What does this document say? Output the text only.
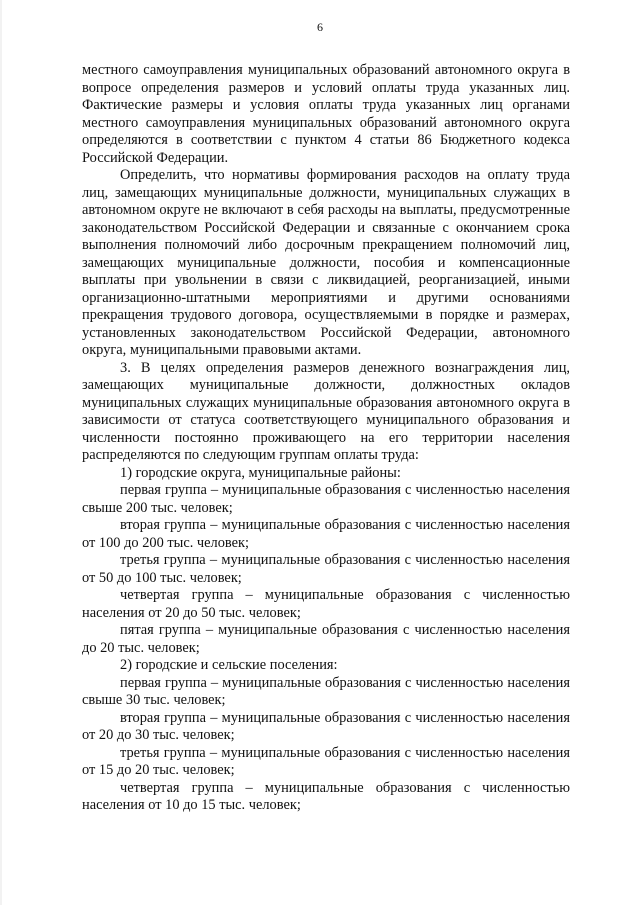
6

местного самоуправления муниципальных образований автономного округа в вопросе определения размеров и условий оплаты труда указанных лиц. Фактические размеры и условия оплаты труда указанных лиц органами местного самоуправления муниципальных образований автономного округа определяются в соответствии с пунктом 4 статьи 86 Бюджетного кодекса Российской Федерации.

Определить, что нормативы формирования расходов на оплату труда лиц, замещающих муниципальные должности, муниципальных служащих в автономном округе не включают в себя расходы на выплаты, предусмотренные законодательством Российской Федерации и связанные с окончанием срока выполнения полномочий либо досрочным прекращением полномочий лиц, замещающих муниципальные должности, пособия и компенсационные выплаты при увольнении в связи с ликвидацией, реорганизацией, иными организационно-штатными мероприятиями и другими основаниями прекращения трудового договора, осуществляемыми в порядке и размерах, установленных законодательством Российской Федерации, автономного округа, муниципальными правовыми актами.

3. В целях определения размеров денежного вознаграждения лиц, замещающих муниципальные должности, должностных окладов муниципальных служащих муниципальные образования автономного округа в зависимости от статуса соответствующего муниципального образования и численности постоянно проживающего на его территории населения распределяются по следующим группам оплаты труда:

1) городские округа, муниципальные районы:

первая группа – муниципальные образования с численностью населения свыше 200 тыс. человек;

вторая группа – муниципальные образования с численностью населения от 100 до 200 тыс. человек;

третья группа – муниципальные образования с численностью населения от 50 до 100 тыс. человек;

четвертая группа – муниципальные образования с численностью населения от 20 до 50 тыс. человек;

пятая группа – муниципальные образования с численностью населения до 20 тыс. человек;

2) городские и сельские поселения:

первая группа – муниципальные образования с численностью населения свыше 30 тыс. человек;

вторая группа – муниципальные образования с численностью населения от 20 до 30 тыс. человек;

третья группа – муниципальные образования с численностью населения от 15 до 20 тыс. человек;

четвертая группа – муниципальные образования с численностью населения от 10 до 15 тыс. человек;
